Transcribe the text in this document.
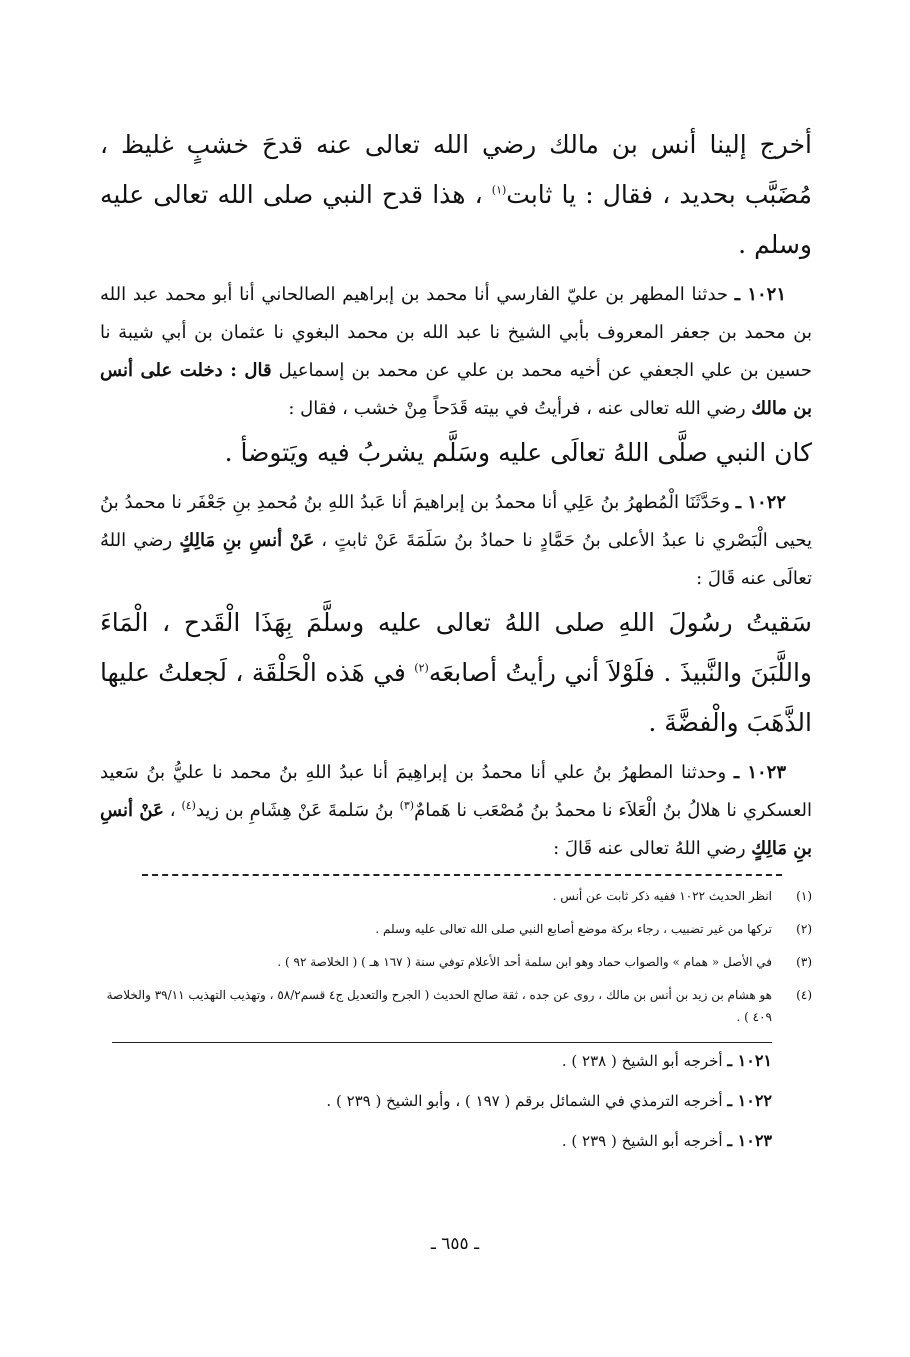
أخرج إلينا أنس بن مالك رضي الله تعالى عنه قدحَ خشبٍ غليظ ، مُضَبَّب بحديد ، فقال : يا ثابت$^{(١)}$ ، هذا قدح النبي صلى الله تعالى عليه وسلم .

١٠٢١ ـ حدثنا المطهر بن عليّ الفارسي أنا محمد بن إبراهيم الصالحاني أنا أبو محمد عبد الله بن محمد بن جعفر المعروف بأبي الشيخ نا عبد الله بن محمد البغوي نا عثمان بن أبي شيبة نا حسين بن علي الجعفي عن أخيه محمد بن علي عن محمد بن إسماعيل قال : دخلت على أنس بن مالك رضي الله تعالى عنه ، فرأيتُ في بيته قَدَحاً مِنْ خشب ، فقال :

كان النبي صلَّى اللهُ تعالَى عليه وسَلَّم يشربُ فيه ويَتوضأ .

١٠٢٢ ـ وحَدَّثَنَا الْمُطهرُ بنُ عَلِي أنا محمدُ بن إبراهيمَ أنا عَبدُ اللهِ بنُ مُحمدِ بنِ جَعْفَر نا محمدُ بنُ يحيى الْبَصْري نا عبدُ الأعلى بنُ حَمَّادٍ نا حمادُ بنُ سَلَمَةَ عَنْ ثابتٍ ، عَنْ أنسِ بنِ مَالِكٍ رضي اللهُ تعالَى عنه قَالَ :

سَقيتُ رسُولَ اللهِ صلى اللهُ تعالى عليه وسلَّمَ بِهَذَا الْقَدح ، الْمَاءَ واللَّبَنَ والنَّبيذَ . فلَوْلاَ أني رأيتُ أصابعَه$^{(٢)}$ في هَذه الْحَلْقَة ، لَجعلتُ عليها الذَّهَبَ والْفضَّةَ .

١٠٢٣ ـ وحدثنا المطهرُ بنُ علي أنا محمدُ بن إبراهِيمَ أنا عبدُ اللهِ بنُ محمد نا عليُّ بنُ سَعيد العسكري نا هلالُ بنُ الْعَلاَء نا محمدُ بنُ مُصْعَب نا هَمامٌ$^{(٣)}$ بنُ سَلمةَ عَنْ هِشَامِ بن زيد$^{(٤)}$ ، عَنْ أنسِ بنِ مَالِكٍ رضي اللهُ تعالى عنه قَالَ :

(١)
انظر الحديث ١٠٢٢ ففيه ذكر ثابت عن أنس .
(٢)
تركها من غير تضبيب ، رجاء بركة موضع أصابع النبي صلى الله تعالى عليه وسلم .
(٣)
في الأصل « همام » والصواب حماد وهو ابن سلمة أحد الأعلام توفي سنة ( ١٦٧ هـ ) ( الخلاصة ٩٢ ) .
(٤)
هو هشام بن زيد بن أنس بن مالك ، روى عن جده ، ثقة صالح الحديث ( الجرح والتعديل ج٤ قسم٥٨/٢ ، وتهذيب التهذيب ٣٩/١١ والخلاصة ٤٠٩ ) .
١٠٢١ ـ أخرجه أبو الشيخ ( ٢٣٨ ) .
١٠٢٢ ـ أخرجه الترمذي في الشمائل برقم ( ١٩٧ ) ، وأبو الشيخ ( ٢٣٩ ) .
١٠٢٣ ـ أخرجه أبو الشيخ ( ٢٣٩ ) .
ـ ٦٥٥ ـ
